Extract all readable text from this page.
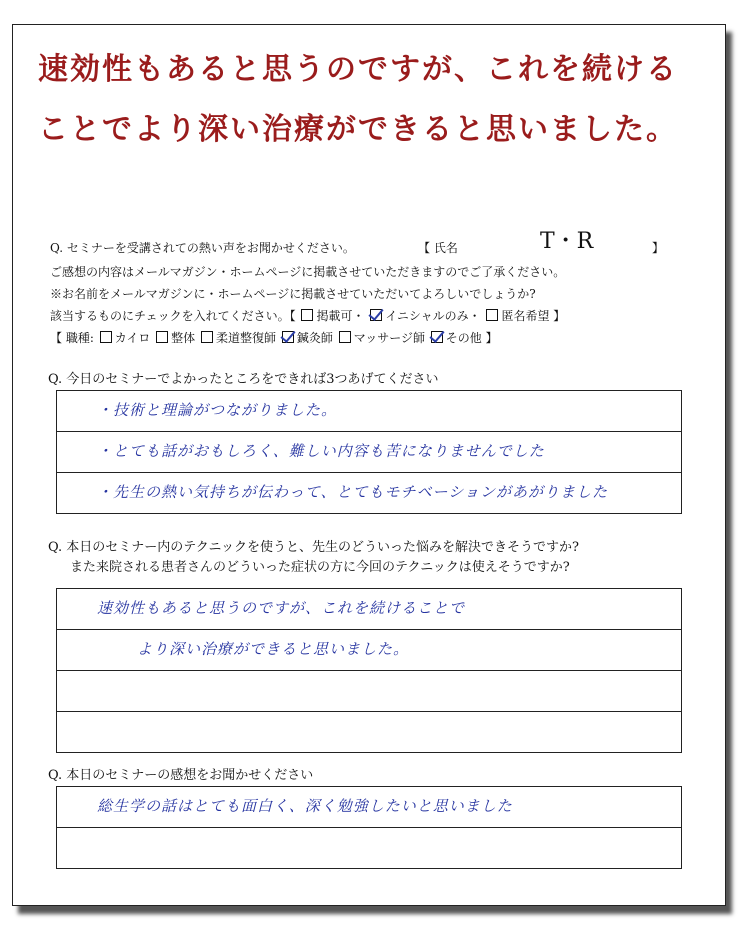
速効性もあると思うのですが、これを続けることでより深い治療ができると思いました。

Q. セミナーを受講されての熱い声をお聞かせください。	【 氏名	T・R	】
ご感想の内容はメールマガジン・ホームページに掲載させていただきますのでご了承ください。
※お名前をメールマガジンに・ホームページに掲載させていただいてよろしいでしょうか?
該当するものにチェックを入れてください。【 掲載可・ イニシャルのみ・ 匿名希望 】
【 職種: カイロ 整体 柔道整復師 鍼灸師 マッサージ師 その他 】
Q. 今日のセミナーでよかったところをできれば3つあげてください
・技術と理論がつながりました。
・とても話がおもしろく、難しい内容も苦になりませんでした
・先生の熱い気持ちが伝わって、とてもモチベーションがあがりました
Q. 本日のセミナー内のテクニックを使うと、先生のどういった悩みを解決できそうですか?
また来院される患者さんのどういった症状の方に今回のテクニックは使えそうですか?
速効性もあると思うのですが、これを続けることで
より深い治療ができると思いました。
Q. 本日のセミナーの感想をお聞かせください
総生学の話はとても面白く、深く勉強したいと思いました
